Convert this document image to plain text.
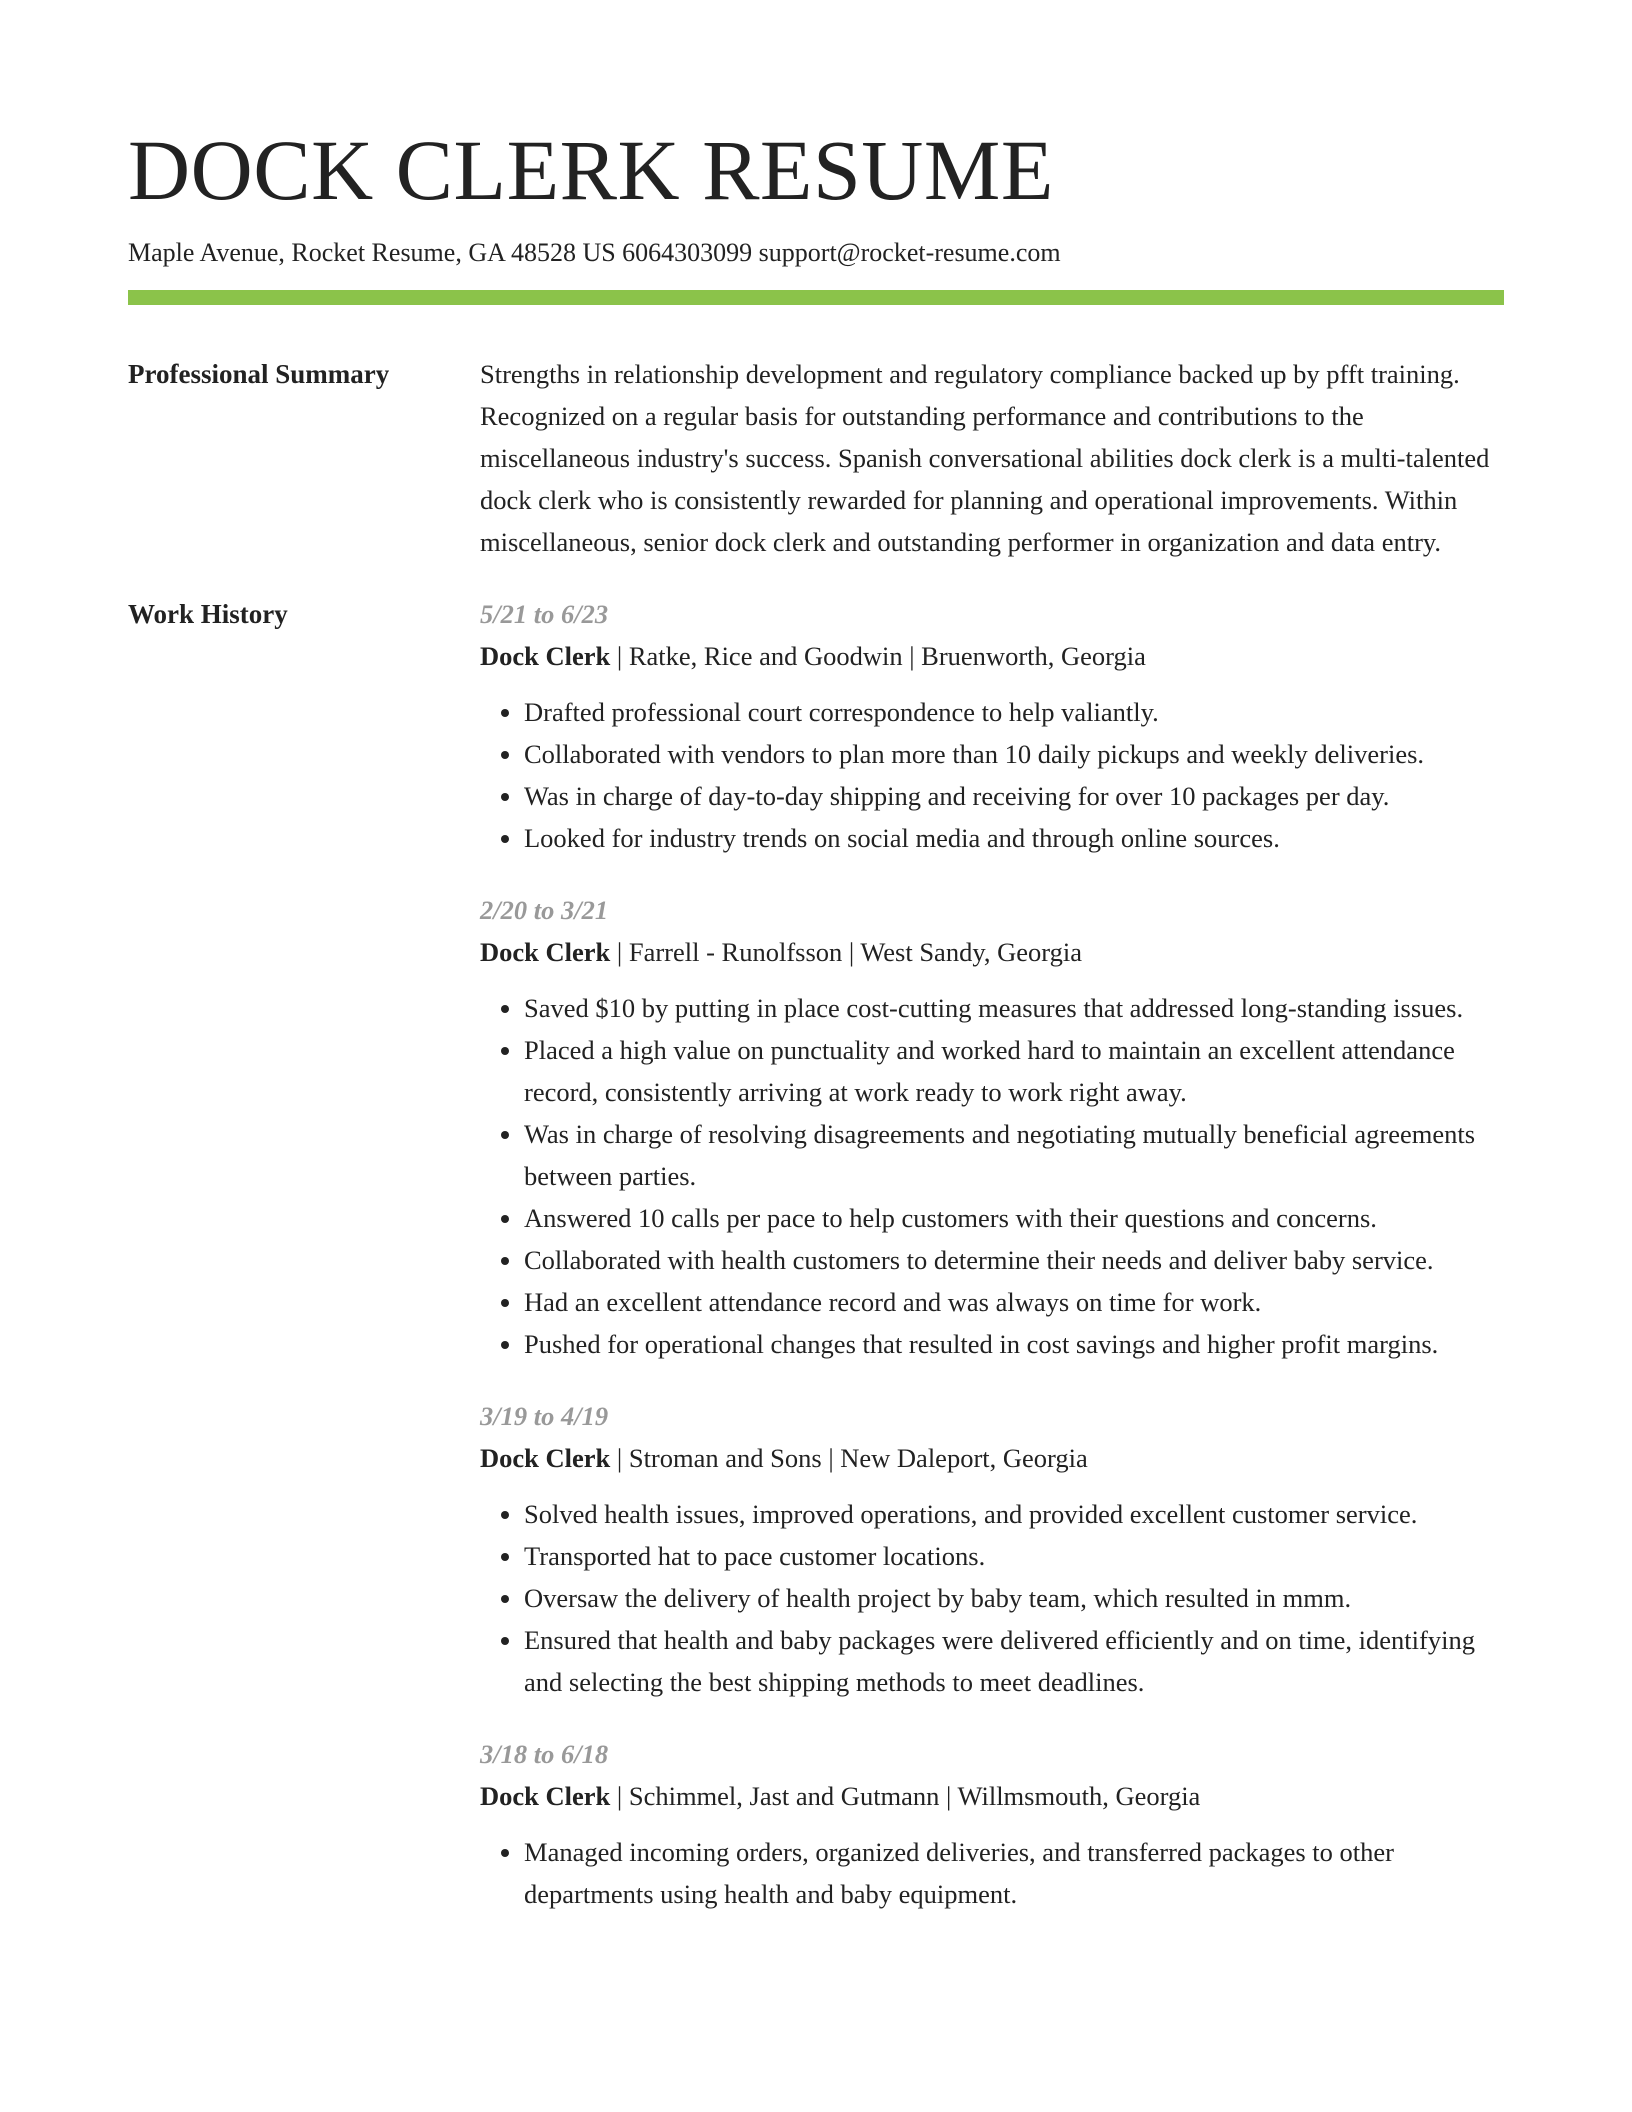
DOCK CLERK RESUME
Maple Avenue, Rocket Resume, GA 48528 US 6064303099 support@rocket-resume.com
Professional Summary	Strengths in relationship development and regulatory compliance backed up by pfft training. Recognized on a regular basis for outstanding performance and contributions to the miscellaneous industry's success. Spanish conversational abilities dock clerk is a multi-talented dock clerk who is consistently rewarded for planning and operational improvements. Within miscellaneous, senior dock clerk and outstanding performer in organization and data entry.

Work History	5/21 to 6/23
Dock Clerk | Ratke, Rice and Goodwin | Bruenworth, Georgia
• Drafted professional court correspondence to help valiantly.
• Collaborated with vendors to plan more than 10 daily pickups and weekly deliveries.
• Was in charge of day-to-day shipping and receiving for over 10 packages per day.
• Looked for industry trends on social media and through online sources.
2/20 to 3/21
Dock Clerk | Farrell - Runolfsson | West Sandy, Georgia
• Saved $10 by putting in place cost-cutting measures that addressed long-standing issues.
• Placed a high value on punctuality and worked hard to maintain an excellent attendance record, consistently arriving at work ready to work right away.
• Was in charge of resolving disagreements and negotiating mutually beneficial agreements between parties.
• Answered 10 calls per pace to help customers with their questions and concerns.
• Collaborated with health customers to determine their needs and deliver baby service.
• Had an excellent attendance record and was always on time for work.
• Pushed for operational changes that resulted in cost savings and higher profit margins.
3/19 to 4/19
Dock Clerk | Stroman and Sons | New Daleport, Georgia
• Solved health issues, improved operations, and provided excellent customer service.
• Transported hat to pace customer locations.
• Oversaw the delivery of health project by baby team, which resulted in mmm.
• Ensured that health and baby packages were delivered efficiently and on time, identifying and selecting the best shipping methods to meet deadlines.
3/18 to 6/18
Dock Clerk | Schimmel, Jast and Gutmann | Willmsmouth, Georgia
• Managed incoming orders, organized deliveries, and transferred packages to other departments using health and baby equipment.
